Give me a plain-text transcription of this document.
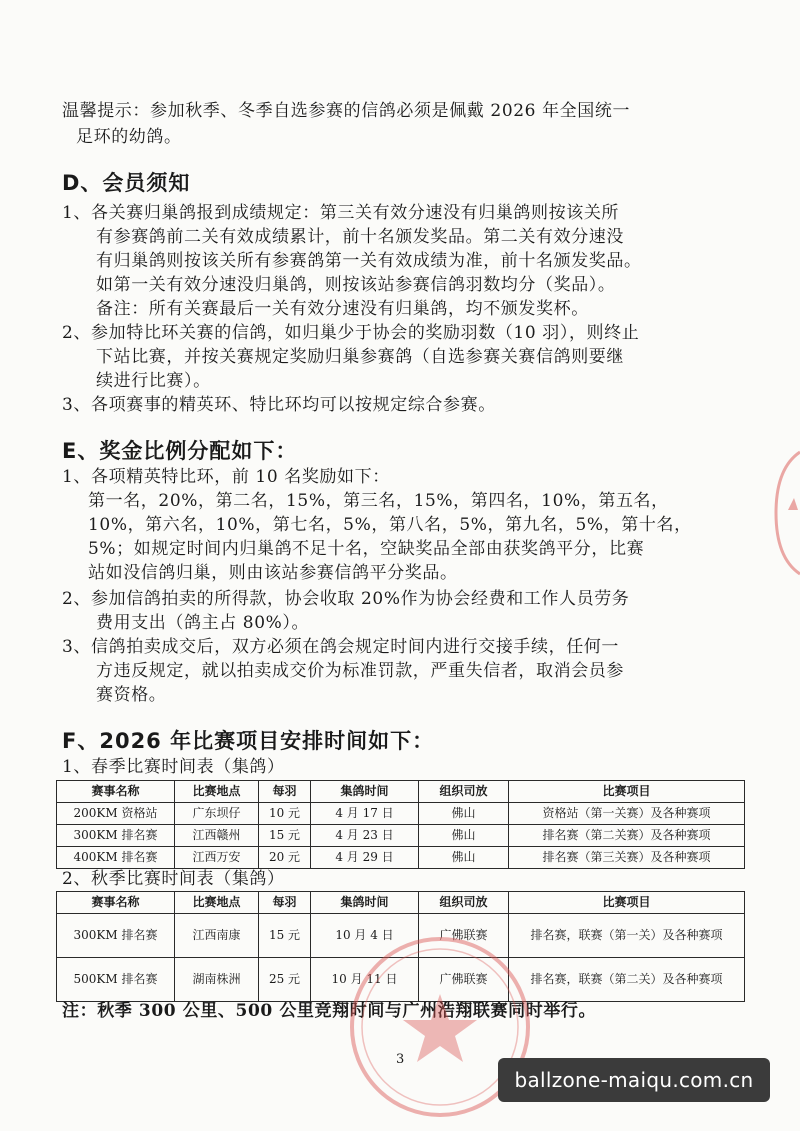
温馨提示：参加秋季、冬季自选参赛的信鸽必须是佩戴 2026 年全国统一
足环的幼鸽。
D、会员须知
1、各关赛归巢鸽报到成绩规定：第三关有效分速没有归巢鸽则按该关所
有参赛鸽前二关有效成绩累计，前十名颁发奖品。第二关有效分速没
有归巢鸽则按该关所有参赛鸽第一关有效成绩为准，前十名颁发奖品。
如第一关有效分速没归巢鸽，则按该站参赛信鸽羽数均分（奖品）。
备注：所有关赛最后一关有效分速没有归巢鸽，均不颁发奖杯。
2、参加特比环关赛的信鸽，如归巢少于协会的奖励羽数（10 羽），则终止
下站比赛，并按关赛规定奖励归巢参赛鸽（自选参赛关赛信鸽则要继
续进行比赛）。
3、各项赛事的精英环、特比环均可以按规定综合参赛。
E、奖金比例分配如下：
1、各项精英特比环，前 10 名奖励如下：
第一名，20%，第二名，15%，第三名，15%，第四名，10%，第五名，
10%，第六名，10%，第七名，5%，第八名，5%，第九名，5%，第十名，
5%；如规定时间内归巢鸽不足十名，空缺奖品全部由获奖鸽平分，比赛
站如没信鸽归巢，则由该站参赛信鸽平分奖品。
2、参加信鸽拍卖的所得款，协会收取 20%作为协会经费和工作人员劳务
费用支出（鸽主占 80%）。
3、信鸽拍卖成交后，双方必须在鸽会规定时间内进行交接手续，任何一
方违反规定，就以拍卖成交价为标准罚款，严重失信者，取消会员参
赛资格。
F、2026 年比赛项目安排时间如下：
1、春季比赛时间表（集鸽）
赛事名称	比赛地点	每羽	集鸽时间	组织司放	比赛项目
200KM 资格站	广东坝仔	10 元	4 月 17 日	佛山	资格站（第一关赛）及各种赛项
300KM 排名赛	江西赣州	15 元	4 月 23 日	佛山	排名赛（第二关赛）及各种赛项
400KM 排名赛	江西万安	20 元	4 月 29 日	佛山	排名赛（第三关赛）及各种赛项
2、秋季比赛时间表（集鸽）
赛事名称	比赛地点	每羽	集鸽时间	组织司放	比赛项目
300KM 排名赛	江西南康	15 元	10 月 4 日	广佛联赛	排名赛，联赛（第一关）及各种赛项
500KM 排名赛	湖南株洲	25 元	10 月 11 日	广佛联赛	排名赛，联赛（第二关）及各种赛项
注：秋季 300 公里、500 公里竞翔时间与广州浩翔联赛同时举行。
3
ballzone-maiqu.com.cn
